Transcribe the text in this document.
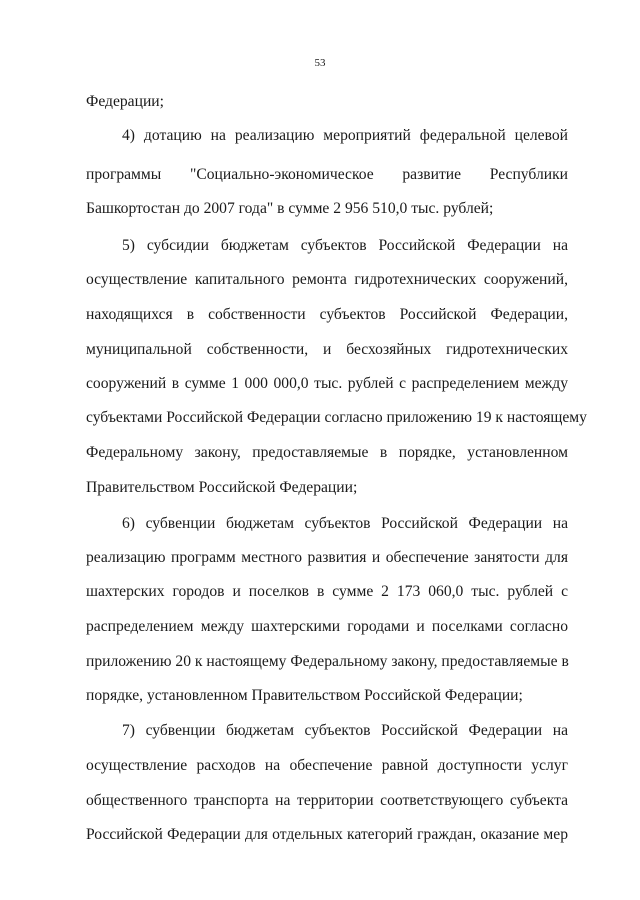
53
Федерации;
4) дотацию на реализацию мероприятий федеральной целевой
программы "Социально-экономическое развитие Республики
Башкортостан до 2007 года" в сумме 2 956 510,0 тыс. рублей;
5) субсидии бюджетам субъектов Российской Федерации на
осуществление капитального ремонта гидротехнических сооружений,
находящихся в собственности субъектов Российской Федерации,
муниципальной собственности, и бесхозяйных гидротехнических
сооружений в сумме 1 000 000,0 тыс. рублей с распределением между
субъектами Российской Федерации согласно приложению 19 к настоящему
Федеральному закону, предоставляемые в порядке, установленном
Правительством Российской Федерации;
6) субвенции бюджетам субъектов Российской Федерации на
реализацию программ местного развития и обеспечение занятости для
шахтерских городов и поселков в сумме 2 173 060,0 тыс. рублей с
распределением между шахтерскими городами и поселками согласно
приложению 20 к настоящему Федеральному закону, предоставляемые в
порядке, установленном Правительством Российской Федерации;
7) субвенции бюджетам субъектов Российской Федерации на
осуществление расходов на обеспечение равной доступности услуг
общественного транспорта на территории соответствующего субъекта
Российской Федерации для отдельных категорий граждан, оказание мер
